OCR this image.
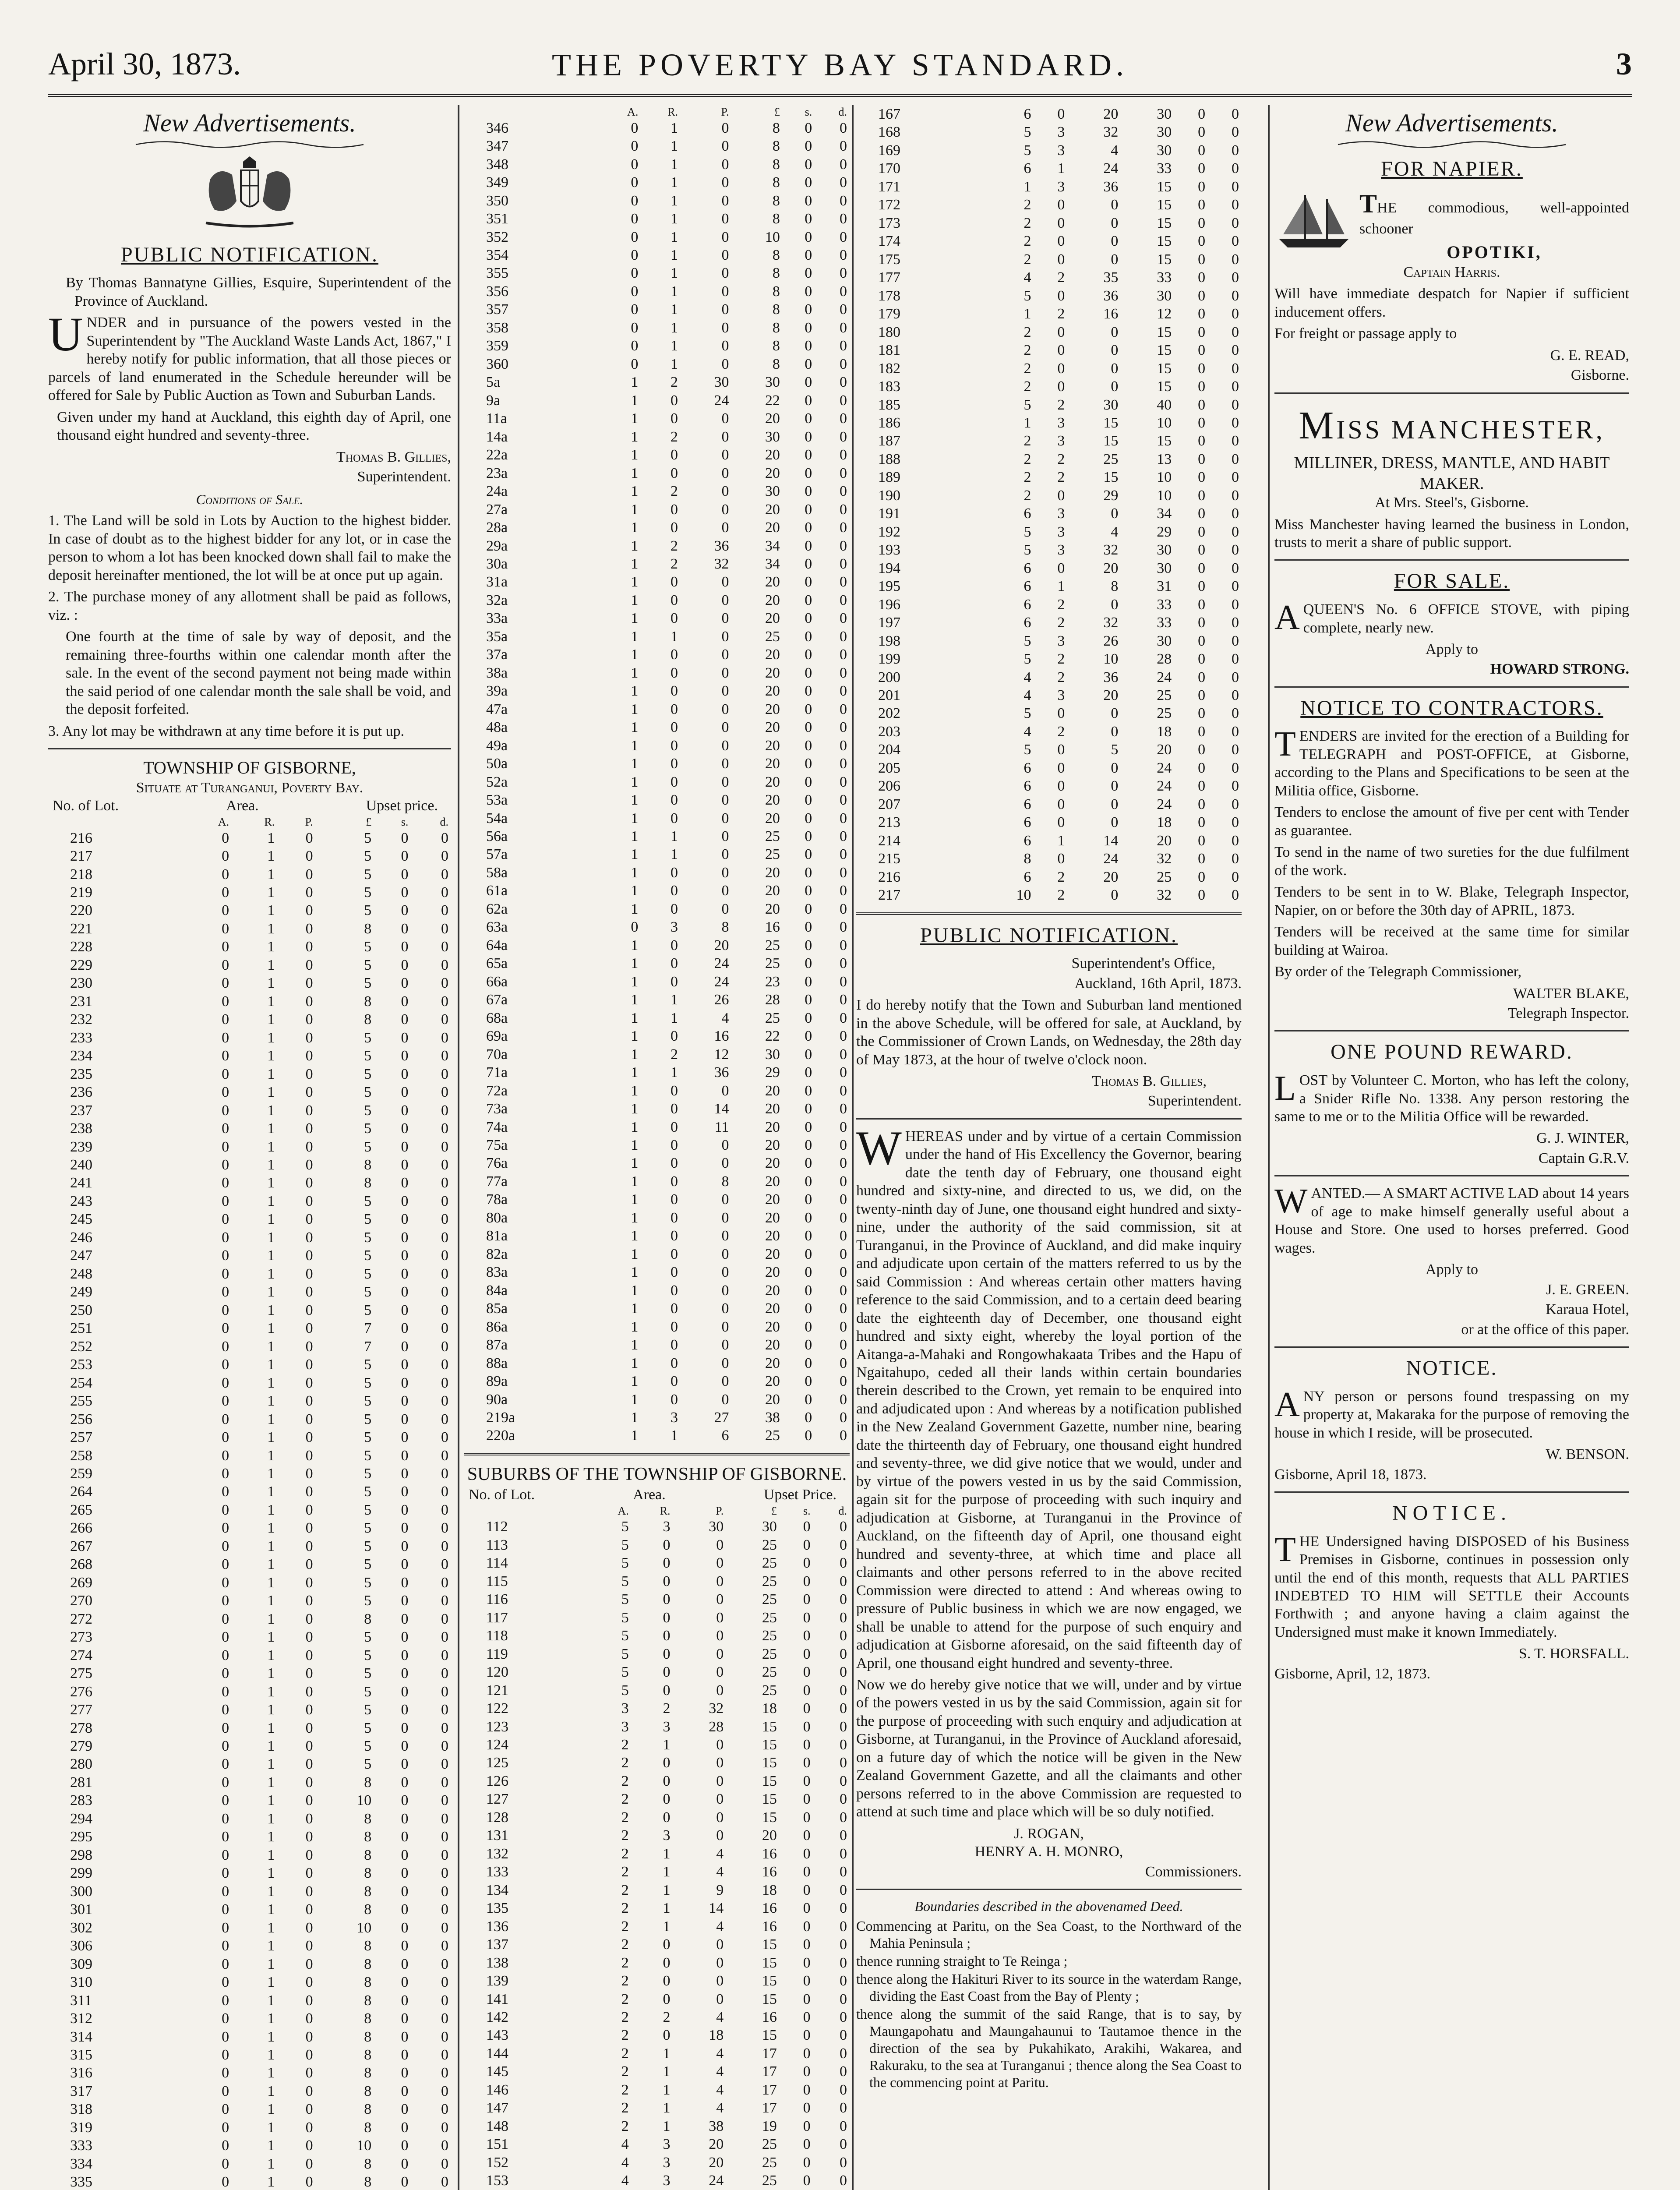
April 30, 1873.	THE POVERTY BAY STANDARD.	3
New Advertisements.
PUBLIC NOTIFICATION.

By Thomas Bannatyne Gillies, Esquire, Superintendent of the Province of Auckland.

UNDER and in pursuance of the powers vested in the Superintendent by "The Auckland Waste Lands Act, 1867," I hereby notify for public information, that all those pieces or parcels of land enumerated in the Schedule hereunder will be offered for Sale by Public Auction as Town and Suburban Lands.

Given under my hand at Auckland, this eighth day of April, one thousand eight hundred and seventy-three.

Thomas B. Gillies,
Superintendent.
Conditions of Sale.

1. The Land will be sold in Lots by Auction to the highest bidder. In case of doubt as to the highest bidder for any lot, or in case the person to whom a lot has been knocked down shall fail to make the deposit hereinafter mentioned, the lot will be at once put up again.

2. The purchase money of any allotment shall be paid as follows, viz. :

One fourth at the time of sale by way of deposit, and the remaining three-fourths within one calendar month after the sale. In the event of the second payment not being made within the said period of one calendar month the sale shall be void, and the deposit forfeited.

3. Any lot may be withdrawn at any time before it is put up.

TOWNSHIP OF GISBORNE,
Situate at Turanganui, Poverty Bay.
No. of Lot.	Area.	Upset price.
	A.	R.	P.	£	s.	d.
216	0	1	0	5	0	0
217	0	1	0	5	0	0
218	0	1	0	5	0	0
219	0	1	0	5	0	0
220	0	1	0	5	0	0
221	0	1	0	8	0	0
228	0	1	0	5	0	0
229	0	1	0	5	0	0
230	0	1	0	5	0	0
231	0	1	0	8	0	0
232	0	1	0	8	0	0
233	0	1	0	5	0	0
234	0	1	0	5	0	0
235	0	1	0	5	0	0
236	0	1	0	5	0	0
237	0	1	0	5	0	0
238	0	1	0	5	0	0
239	0	1	0	5	0	0
240	0	1	0	8	0	0
241	0	1	0	8	0	0
243	0	1	0	5	0	0
245	0	1	0	5	0	0
246	0	1	0	5	0	0
247	0	1	0	5	0	0
248	0	1	0	5	0	0
249	0	1	0	5	0	0
250	0	1	0	5	0	0
251	0	1	0	7	0	0
252	0	1	0	7	0	0
253	0	1	0	5	0	0
254	0	1	0	5	0	0
255	0	1	0	5	0	0
256	0	1	0	5	0	0
257	0	1	0	5	0	0
258	0	1	0	5	0	0
259	0	1	0	5	0	0
264	0	1	0	5	0	0
265	0	1	0	5	0	0
266	0	1	0	5	0	0
267	0	1	0	5	0	0
268	0	1	0	5	0	0
269	0	1	0	5	0	0
270	0	1	0	5	0	0
272	0	1	0	8	0	0
273	0	1	0	5	0	0
274	0	1	0	5	0	0
275	0	1	0	5	0	0
276	0	1	0	5	0	0
277	0	1	0	5	0	0
278	0	1	0	5	0	0
279	0	1	0	5	0	0
280	0	1	0	5	0	0
281	0	1	0	8	0	0
283	0	1	0	10	0	0
294	0	1	0	8	0	0
295	0	1	0	8	0	0
298	0	1	0	8	0	0
299	0	1	0	8	0	0
300	0	1	0	8	0	0
301	0	1	0	8	0	0
302	0	1	0	10	0	0
306	0	1	0	8	0	0
309	0	1	0	8	0	0
310	0	1	0	8	0	0
311	0	1	0	8	0	0
312	0	1	0	8	0	0
314	0	1	0	8	0	0
315	0	1	0	8	0	0
316	0	1	0	8	0	0
317	0	1	0	8	0	0
318	0	1	0	8	0	0
319	0	1	0	8	0	0
333	0	1	0	10	0	0
334	0	1	0	8	0	0
335	0	1	0	8	0	0

	A.	R.	P.	£	s.	d.
346	0	1	0	8	0	0
347	0	1	0	8	0	0
348	0	1	0	8	0	0
349	0	1	0	8	0	0
350	0	1	0	8	0	0
351	0	1	0	8	0	0
352	0	1	0	10	0	0
354	0	1	0	8	0	0
355	0	1	0	8	0	0
356	0	1	0	8	0	0
357	0	1	0	8	0	0
358	0	1	0	8	0	0
359	0	1	0	8	0	0
360	0	1	0	8	0	0
5a	1	2	30	30	0	0
9a	1	0	24	22	0	0
11a	1	0	0	20	0	0
14a	1	2	0	30	0	0
22a	1	0	0	20	0	0
23a	1	0	0	20	0	0
24a	1	2	0	30	0	0
27a	1	0	0	20	0	0
28a	1	0	0	20	0	0
29a	1	2	36	34	0	0
30a	1	2	32	34	0	0
31a	1	0	0	20	0	0
32a	1	0	0	20	0	0
33a	1	0	0	20	0	0
35a	1	1	0	25	0	0
37a	1	0	0	20	0	0
38a	1	0	0	20	0	0
39a	1	0	0	20	0	0
47a	1	0	0	20	0	0
48a	1	0	0	20	0	0
49a	1	0	0	20	0	0
50a	1	0	0	20	0	0
52a	1	0	0	20	0	0
53a	1	0	0	20	0	0
54a	1	0	0	20	0	0
56a	1	1	0	25	0	0
57a	1	1	0	25	0	0
58a	1	0	0	20	0	0
61a	1	0	0	20	0	0
62a	1	0	0	20	0	0
63a	0	3	8	16	0	0
64a	1	0	20	25	0	0
65a	1	0	24	25	0	0
66a	1	0	24	23	0	0
67a	1	1	26	28	0	0
68a	1	1	4	25	0	0
69a	1	0	16	22	0	0
70a	1	2	12	30	0	0
71a	1	1	36	29	0	0
72a	1	0	0	20	0	0
73a	1	0	14	20	0	0
74a	1	0	11	20	0	0
75a	1	0	0	20	0	0
76a	1	0	0	20	0	0
77a	1	0	8	20	0	0
78a	1	0	0	20	0	0
80a	1	0	0	20	0	0
81a	1	0	0	20	0	0
82a	1	0	0	20	0	0
83a	1	0	0	20	0	0
84a	1	0	0	20	0	0
85a	1	0	0	20	0	0
86a	1	0	0	20	0	0
87a	1	0	0	20	0	0
88a	1	0	0	20	0	0
89a	1	0	0	20	0	0
90a	1	0	0	20	0	0
219a	1	3	27	38	0	0
220a	1	1	6	25	0	0
SUBURBS OF THE TOWNSHIP OF GISBORNE.
No. of Lot.	Area.	Upset Price.
	A.	R.	P.	£	s.	d.
112	5	3	30	30	0	0
113	5	0	0	25	0	0
114	5	0	0	25	0	0
115	5	0	0	25	0	0
116	5	0	0	25	0	0
117	5	0	0	25	0	0
118	5	0	0	25	0	0
119	5	0	0	25	0	0
120	5	0	0	25	0	0
121	5	0	0	25	0	0
122	3	2	32	18	0	0
123	3	3	28	15	0	0
124	2	1	0	15	0	0
125	2	0	0	15	0	0
126	2	0	0	15	0	0
127	2	0	0	15	0	0
128	2	0	0	15	0	0
131	2	3	0	20	0	0
132	2	1	4	16	0	0
133	2	1	4	16	0	0
134	2	1	9	18	0	0
135	2	1	14	16	0	0
136	2	1	4	16	0	0
137	2	0	0	15	0	0
138	2	0	0	15	0	0
139	2	0	0	15	0	0
141	2	0	0	15	0	0
142	2	2	4	16	0	0
143	2	0	18	15	0	0
144	2	1	4	17	0	0
145	2	1	4	17	0	0
146	2	1	4	17	0	0
147	2	1	4	17	0	0
148	2	1	38	19	0	0
151	4	3	20	25	0	0
152	4	3	20	25	0	0
153	4	3	24	25	0	0

167	6	0	20	30	0	0
168	5	3	32	30	0	0
169	5	3	4	30	0	0
170	6	1	24	33	0	0
171	1	3	36	15	0	0
172	2	0	0	15	0	0
173	2	0	0	15	0	0
174	2	0	0	15	0	0
175	2	0	0	15	0	0
177	4	2	35	33	0	0
178	5	0	36	30	0	0
179	1	2	16	12	0	0
180	2	0	0	15	0	0
181	2	0	0	15	0	0
182	2	0	0	15	0	0
183	2	0	0	15	0	0
185	5	2	30	40	0	0
186	1	3	15	10	0	0
187	2	3	15	15	0	0
188	2	2	25	13	0	0
189	2	2	15	10	0	0
190	2	0	29	10	0	0
191	6	3	0	34	0	0
192	5	3	4	29	0	0
193	5	3	32	30	0	0
194	6	0	20	30	0	0
195	6	1	8	31	0	0
196	6	2	0	33	0	0
197	6	2	32	33	0	0
198	5	3	26	30	0	0
199	5	2	10	28	0	0
200	4	2	36	24	0	0
201	4	3	20	25	0	0
202	5	0	0	25	0	0
203	4	2	0	18	0	0
204	5	0	5	20	0	0
205	6	0	0	24	0	0
206	6	0	0	24	0	0
207	6	0	0	24	0	0
213	6	0	0	18	0	0
214	6	1	14	20	0	0
215	8	0	24	32	0	0
216	6	2	20	25	0	0
217	10	2	0	32	0	0
PUBLIC NOTIFICATION.
Superintendent's Office,
Auckland, 16th April, 1873.

I do hereby notify that the Town and Suburban land mentioned in the above Schedule, will be offered for sale, at Auckland, by the Commissioner of Crown Lands, on Wednesday, the 28th day of May 1873, at the hour of twelve o'clock noon.

Thomas B. Gillies,
Superintendent.

WHEREAS under and by virtue of a certain Commission under the hand of His Excellency the Governor, bearing date the tenth day of February, one thousand eight hundred and sixty-nine, and directed to us, we did, on the twenty-ninth day of June, one thousand eight hundred and sixty-nine, under the authority of the said commission, sit at Turanganui, in the Province of Auckland, and did make inquiry and adjudicate upon certain of the matters referred to us by the said Commission : And whereas certain other matters having reference to the said Commission, and to a certain deed bearing date the eighteenth day of December, one thousand eight hundred and sixty eight, whereby the loyal portion of the Aitanga-a-Mahaki and Rongowhakaata Tribes and the Hapu of Ngaitahupo, ceded all their lands within certain boundaries therein described to the Crown, yet remain to be enquired into and adjudicated upon : And whereas by a notification published in the New Zealand Government Gazette, number nine, bearing date the thirteenth day of February, one thousand eight hundred and seventy-three, we did give notice that we would, under and by virtue of the powers vested in us by the said Commission, again sit for the purpose of proceeding with such inquiry and adjudication at Gisborne, at Turanganui in the Province of Auckland, on the fifteenth day of April, one thousand eight hundred and seventy-three, at which time and place all claimants and other persons referred to in the above recited Commission were directed to attend : And whereas owing to pressure of Public business in which we are now engaged, we shall be unable to attend for the purpose of such enquiry and adjudication at Gisborne aforesaid, on the said fifteenth day of April, one thousand eight hundred and seventy-three.

Now we do hereby give notice that we will, under and by virtue of the powers vested in us by the said Commission, again sit for the purpose of proceeding with such enquiry and adjudication at Gisborne, at Turanganui, in the Province of Auckland aforesaid, on a future day of which the notice will be given in the New Zealand Government Gazette, and all the claimants and other persons referred to in the above Commission are requested to attend at such time and place which will be so duly notified.

J. ROGAN,
HENRY A. H. MONRO,
Commissioners.
Boundaries described in the abovenamed Deed.

Commencing at Paritu, on the Sea Coast, to the Northward of the Mahia Peninsula ;

thence running straight to Te Reinga ;

thence along the Hakituri River to its source in the waterdam Range, dividing the East Coast from the Bay of Plenty ;

thence along the summit of the said Range, that is to say, by Maungapohatu and Maungahaunui to Tautamoe thence in the direction of the sea by Pukahikato, Arakihi, Wakarea, and Rakuraku, to the sea at Turanganui ; thence along the Sea Coast to the commencing point at Paritu.

New Advertisements.
FOR NAPIER.

THE commodious, well-appointed schooner

OPOTIKI,
Captain Harris.

Will have immediate despatch for Napier if sufficient inducement offers.

For freight or passage apply to

G. E. READ,
Gisborne.
MISS MANCHESTER,
MILLINER, DRESS, MANTLE, AND HABIT MAKER.
At Mrs. Steel's, Gisborne.

Miss Manchester having learned the business in London, trusts to merit a share of public support.

FOR SALE.

AQUEEN'S No. 6 OFFICE STOVE, with piping complete, nearly new.

Apply to
HOWARD STRONG.
NOTICE TO CONTRACTORS.

TENDERS are invited for the erection of a Building for TELEGRAPH and POST-OFFICE, at Gisborne, according to the Plans and Specifications to be seen at the Militia office, Gisborne.

Tenders to enclose the amount of five per cent with Tender as guarantee.

To send in the name of two sureties for the due fulfilment of the work.

Tenders to be sent in to W. Blake, Telegraph Inspector, Napier, on or before the 30th day of APRIL, 1873.

Tenders will be received at the same time for similar building at Wairoa.

By order of the Telegraph Commissioner,

WALTER BLAKE,
Telegraph Inspector.
ONE POUND REWARD.

LOST by Volunteer C. Morton, who has left the colony, a Snider Rifle No. 1338. Any person restoring the same to me or to the Militia Office will be rewarded.

G. J. WINTER,
Captain G.R.V.

WANTED.— A SMART ACTIVE LAD about 14 years of age to make himself generally useful about a House and Store. One used to horses preferred. Good wages.

Apply to
J. E. GREEN.
Karaua Hotel,
or at the office of this paper.
NOTICE.

ANY person or persons found trespassing on my property at, Makaraka for the purpose of removing the house in which I reside, will be prosecuted.

W. BENSON.
Gisborne, April 18, 1873.
NOTICE.

THE Undersigned having DISPOSED of his Business Premises in Gisborne, continues in possession only until the end of this month, requests that ALL PARTIES INDEBTED TO HIM will SETTLE their Accounts Forthwith ; and anyone having a claim against the Undersigned must make it known Immediately.

S. T. HORSFALL.
Gisborne, April, 12, 1873.
